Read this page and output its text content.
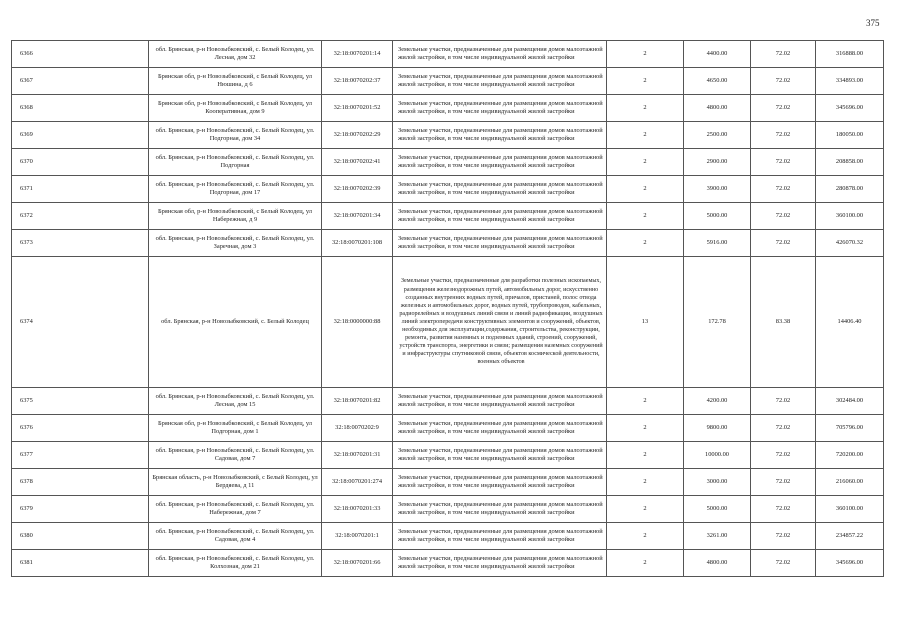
375
6366	обл. Брянская, р-н Новозыбковский, с. Белый Колодец, ул. Лесная, дом 32	32:18:0070201:14	Земельные участки, предназначенные для размещения домов малоэтажной жилой застройки, в том числе индивидуальной жилой застройки	2	4400.00	72.02	316888.00
6367	Брянская обл, р-н Новозыбковский, с Белый Колодец, ул Нюшина, д 6	32:18:0070202:37	Земельные участки, предназначенные для размещения домов малоэтажной жилой застройки, в том числе индивидуальной жилой застройки	2	4650.00	72.02	334893.00
6368	Брянская обл, р-н Новозыбковский, с Белый Колодец, ул Кооперативная, дом 9	32:18:0070201:52	Земельные участки, предназначенные для размещения домов малоэтажной жилой застройки, в том числе индивидуальной жилой застройки	2	4800.00	72.02	345696.00
6369	обл. Брянская, р-н Новозыбковский, с. Белый Колодец, ул. Подгорная, дом 34	32:18:0070202:29	Земельные участки, предназначенные для размещения домов малоэтажной жилой застройки, в том числе индивидуальной жилой застройки	2	2500.00	72.02	180050.00
6370	обл. Брянская, р-н Новозыбковский, с. Белый Колодец, ул. Подгорная	32:18:0070202:41	Земельные участки, предназначенные для размещения домов малоэтажной жилой застройки, в том числе индивидуальной жилой застройки	2	2900.00	72.02	208858.00
6371	обл. Брянская, р-н Новозыбковский, с. Белый Колодец, ул. Подгорная, дом 17	32:18:0070202:39	Земельные участки, предназначенные для размещения домов малоэтажной жилой застройки, в том числе индивидуальной жилой застройки	2	3900.00	72.02	280878.00
6372	Брянская обл, р-н Новозыбковский, с Белый Колодец, ул Набережная, д 9	32:18:0070201:34	Земельные участки, предназначенные для размещения домов малоэтажной жилой застройки, в том числе индивидуальной жилой застройки	2	5000.00	72.02	360100.00
6373	обл. Брянская, р-н Новозыбковский, с. Белый Колодец, ул. Заречная, дом 3	32:18:0070201:108	Земельные участки, предназначенные для размещения домов малоэтажной жилой застройки, в том числе индивидуальной жилой застройки	2	5916.00	72.02	426070.32
6374	обл. Брянская, р-н Новозыбковский, с. Белый Колодец	32:18:0000000:88	Земельные участки, предназначенные для разработки полезных ископаемых, размещения железнодорожных путей, автомобильных дорог, искусственно созданных внутренних водных путей, причалов, пристаней, полос отвода железных и автомобильных дорог, водных путей, трубопроводов, кабельных, радиорелейных и воздушных линий связи и линий радиофикации, воздушных линий электропередачи конструктивных элементов и сооружений, объектов, необходимых для эксплуатации,содержания, строительства, реконструкции, ремонта, развития наземных и подземных зданий, строений, сооружений, устройств транспорта, энергетики и связи; размещения наземных сооружений и инфраструктуры спутниковой связи, объектов космической деятельности, военных объектов	13	172.78	83.38	14406.40
6375	обл. Брянская, р-н Новозыбковский, с. Белый Колодец, ул. Лесная, дом 15	32:18:0070201:82	Земельные участки, предназначенные для размещения домов малоэтажной жилой застройки, в том числе индивидуальной жилой застройки	2	4200.00	72.02	302484.00
6376	Брянская обл, р-н Новозыбковский, с Белый Колодец, ул Подгорная, дом 1	32:18:0070202:9	Земельные участки, предназначенные для размещения домов малоэтажной жилой застройки, в том числе индивидуальной жилой застройки	2	9800.00	72.02	705796.00
6377	обл. Брянская, р-н Новозыбковский, с. Белый Колодец, ул. Садовая, дом 7	32:18:0070201:31	Земельные участки, предназначенные для размещения домов малоэтажной жилой застройки, в том числе индивидуальной жилой застройки	2	10000.00	72.02	720200.00
6378	Брянская область, р-н Новозыбковский, с Белый Колодец, ул Бердяева, д 11	32:18:0070201:274	Земельные участки, предназначенные для размещения домов малоэтажной жилой застройки, в том числе индивидуальной жилой застройки	2	3000.00	72.02	216060.00
6379	обл. Брянская, р-н Новозыбковский, с. Белый Колодец, ул. Набережная, дом 7	32:18:0070201:33	Земельные участки, предназначенные для размещения домов малоэтажной жилой застройки, в том числе индивидуальной жилой застройки	2	5000.00	72.02	360100.00
6380	обл. Брянская, р-н Новозыбковский, с. Белый Колодец, ул. Садовая, дом 4	32:18:0070201:1	Земельные участки, предназначенные для размещения домов малоэтажной жилой застройки, в том числе индивидуальной жилой застройки	2	3261.00	72.02	234857.22
6381	обл. Брянская, р-н Новозыбковский, с. Белый Колодец, ул. Колхозная, дом 21	32:18:0070201:66	Земельные участки, предназначенные для размещения домов малоэтажной жилой застройки, в том числе индивидуальной жилой застройки	2	4800.00	72.02	345696.00
